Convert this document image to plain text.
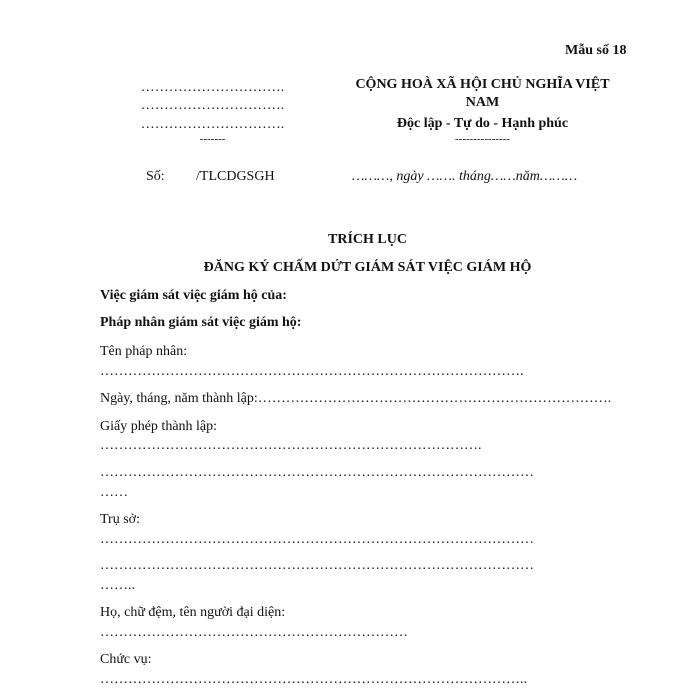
Mẫu số 18
………………………….
………………………….
………………………….
-------
CỘNG HOÀ XÃ HỘI CHỦ NGHĨA VIỆT
NAM
Độc lập - Tự do - Hạnh phúc
---------------
Số: /TLCDGSGH	………, ngày ……. tháng……năm………
TRÍCH LỤC
ĐĂNG KÝ CHẤM DỨT GIÁM SÁT VIỆC GIÁM HỘ
Việc giám sát việc giám hộ của:
Pháp nhân giám sát việc giám hộ:
Tên pháp nhân:
……………………………………………………………………………….
Ngày, tháng, năm thành lập:………………………………………………………………….
Giấy phép thành lập:
……………………………………………………………………….
…………………………………………………………………………………
……
Trụ sở:
…………………………………………………………………………………
…………………………………………………………………………………
……..
Họ, chữ đệm, tên người đại diện:
…………………………………………………………
Chức vụ:
………………………………………………………………………………..
